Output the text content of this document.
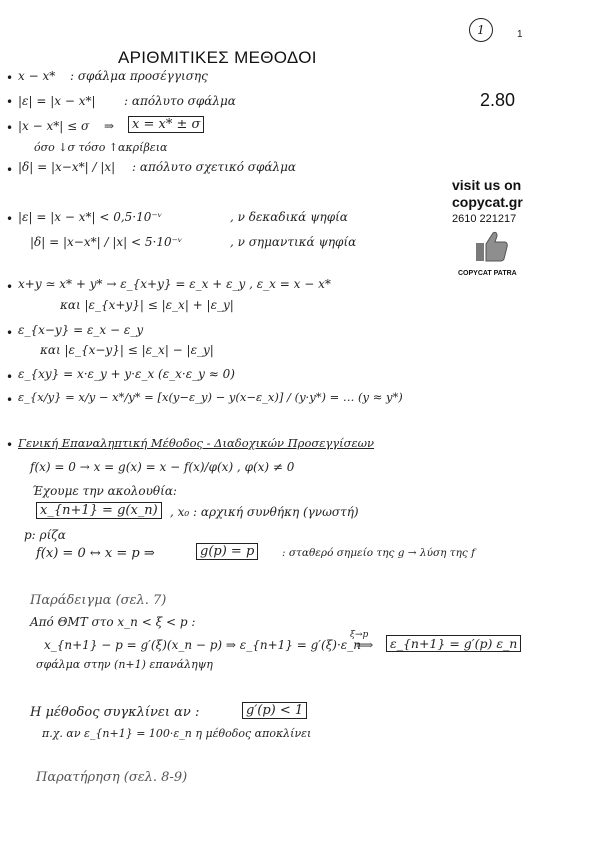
1	1
ΑΡΙΘΜΙΤΙΚΕΣ ΜΕΘΟΔΟΙ
2.80
visit us on
copycat.gr
2610 221217
COPYCAT PATRA
• x − x* : σφάλμα προσέγγισης
• |ε| = |x − x*| : απόλυτο σφάλμα
• |x − x*| ≤ σ ⇒	x = x* ± σ
όσο ↓σ τόσο ↑ακρίβεια
• |δ| = |x−x*| / |x| : απόλυτο σχετικό σφάλμα
• |ε| = |x − x*| < 0,5·10⁻ᵛ	, ν δεκαδικά ψηφία
|δ| = |x−x*| / |x| < 5·10⁻ᵛ	, ν σημαντικά ψηφία
• x+y ≃ x* + y* → ε_{x+y} = ε_x + ε_y , ε_x = x − x*
και |ε_{x+y}| ≤ |ε_x| + |ε_y|
• ε_{x−y} = ε_x − ε_y
και |ε_{x−y}| ≤ |ε_x| − |ε_y|
• ε_{xy} = x·ε_y + y·ε_x (ε_x·ε_y ≈ 0)
• ε_{x/y} = x/y − x*/y* = [x(y−ε_y) − y(x−ε_x)] / (y·y*) = … (y ≈ y*)
• Γενική Επαναληπτική Μέθοδος - Διαδοχικών Προσεγγίσεων
f(x) = 0 → x = g(x) = x − f(x)/φ(x) , φ(x) ≠ 0
Έχουμε την ακολουθία:
x_{n+1} = g(x_n)	, x₀ : αρχική συνθήκη (γνωστή)
p: ρίζα
f(x) = 0 ↔ x = p ⇒	g(p) = p	: σταθερό σημείο της g → λύση της f
Παράδειγμα (σελ. 7)
Από ΘΜΤ στο x_n < ξ < p :
x_{n+1} − p = g′(ξ)(x_n − p) ⇒ ε_{n+1} = g′(ξ)·ε_n
ξ→p
⟹	ε_{n+1} = g′(p) ε_n
σφάλμα στην (n+1) επανάληψη
Η μέθοδος συγκλίνει αν :	g′(p) < 1
π.χ. αν ε_{n+1} = 100·ε_n η μέθοδος αποκλίνει
Παρατήρηση (σελ. 8-9)
